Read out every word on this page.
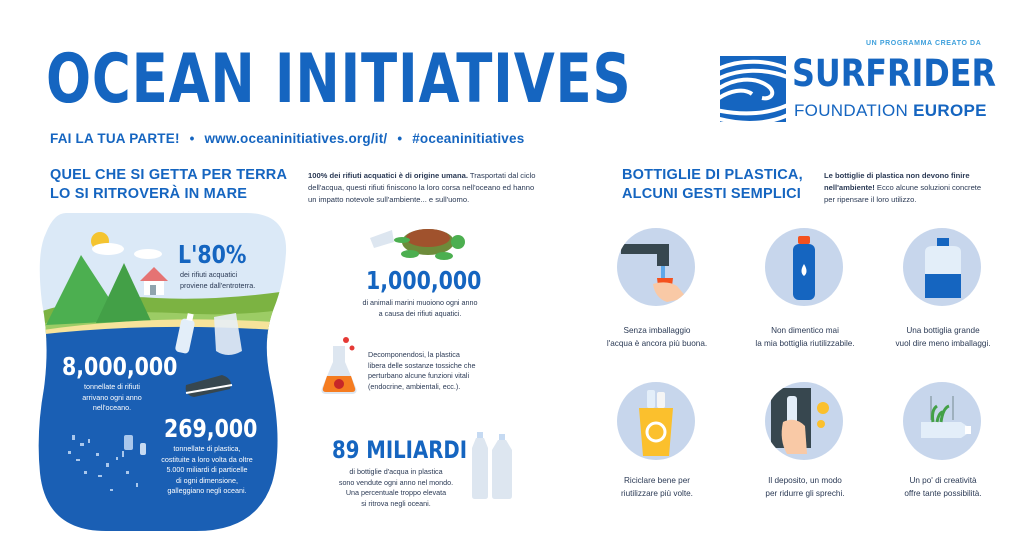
OCEAN INITIATIVES
FAI LA TUA PARTE! • www.oceaninitiatives.org/it/ • #oceaninitiatives
UN PROGRAMMA CREATO DA
SURFRIDER
FOUNDATION EUROPE
QUEL CHE SI GETTA PER TERRA
LO SI RITROVERÀ IN MARE
100% dei rifiuti acquatici è di origine umana. Trasportati dal ciclo dell'acqua, questi rifiuti finiscono la loro corsa nell'oceano ed hanno un impatto notevole sull'ambiente... e sull'uomo.
L'80%
dei rifiuti acquatici
proviene dall'entroterra.
8,000,000
tonnellate di rifiuti
arrivano ogni anno
nell'oceano.
269,000
tonnellate di plastica,
costituite a loro volta da oltre
5.000 miliardi di particelle
di ogni dimensione,
galleggiano negli oceani.
1,000,000
di animali marini muoiono ogni anno
a causa dei rifiuti aquatici.
Decomponendosi, la plastica
libera delle sostanze tossiche che
perturbano alcune funzioni vitali
(endocrine, ambientali, ecc.).
89 MILIARDI
di bottiglie d'acqua in plastica
sono vendute ogni anno nel mondo.
Una percentuale troppo elevata
si ritrova negli oceani.
BOTTIGLIE DI PLASTICA,
ALCUNI GESTI SEMPLICI
Le bottiglie di plastica non devono finire nell'ambiente! Ecco alcune soluzioni concrete per ripensare il loro utilizzo.
Senza imballaggio
l'acqua è ancora più buona.
Non dimentico mai
la mia bottiglia riutilizzabile.
Una bottiglia grande
vuol dire meno imballaggi.
Riciclare bene per
riutilizzare più volte.
Il deposito, un modo
per ridurre gli sprechi.
Un po' di creatività
offre tante possibilità.
